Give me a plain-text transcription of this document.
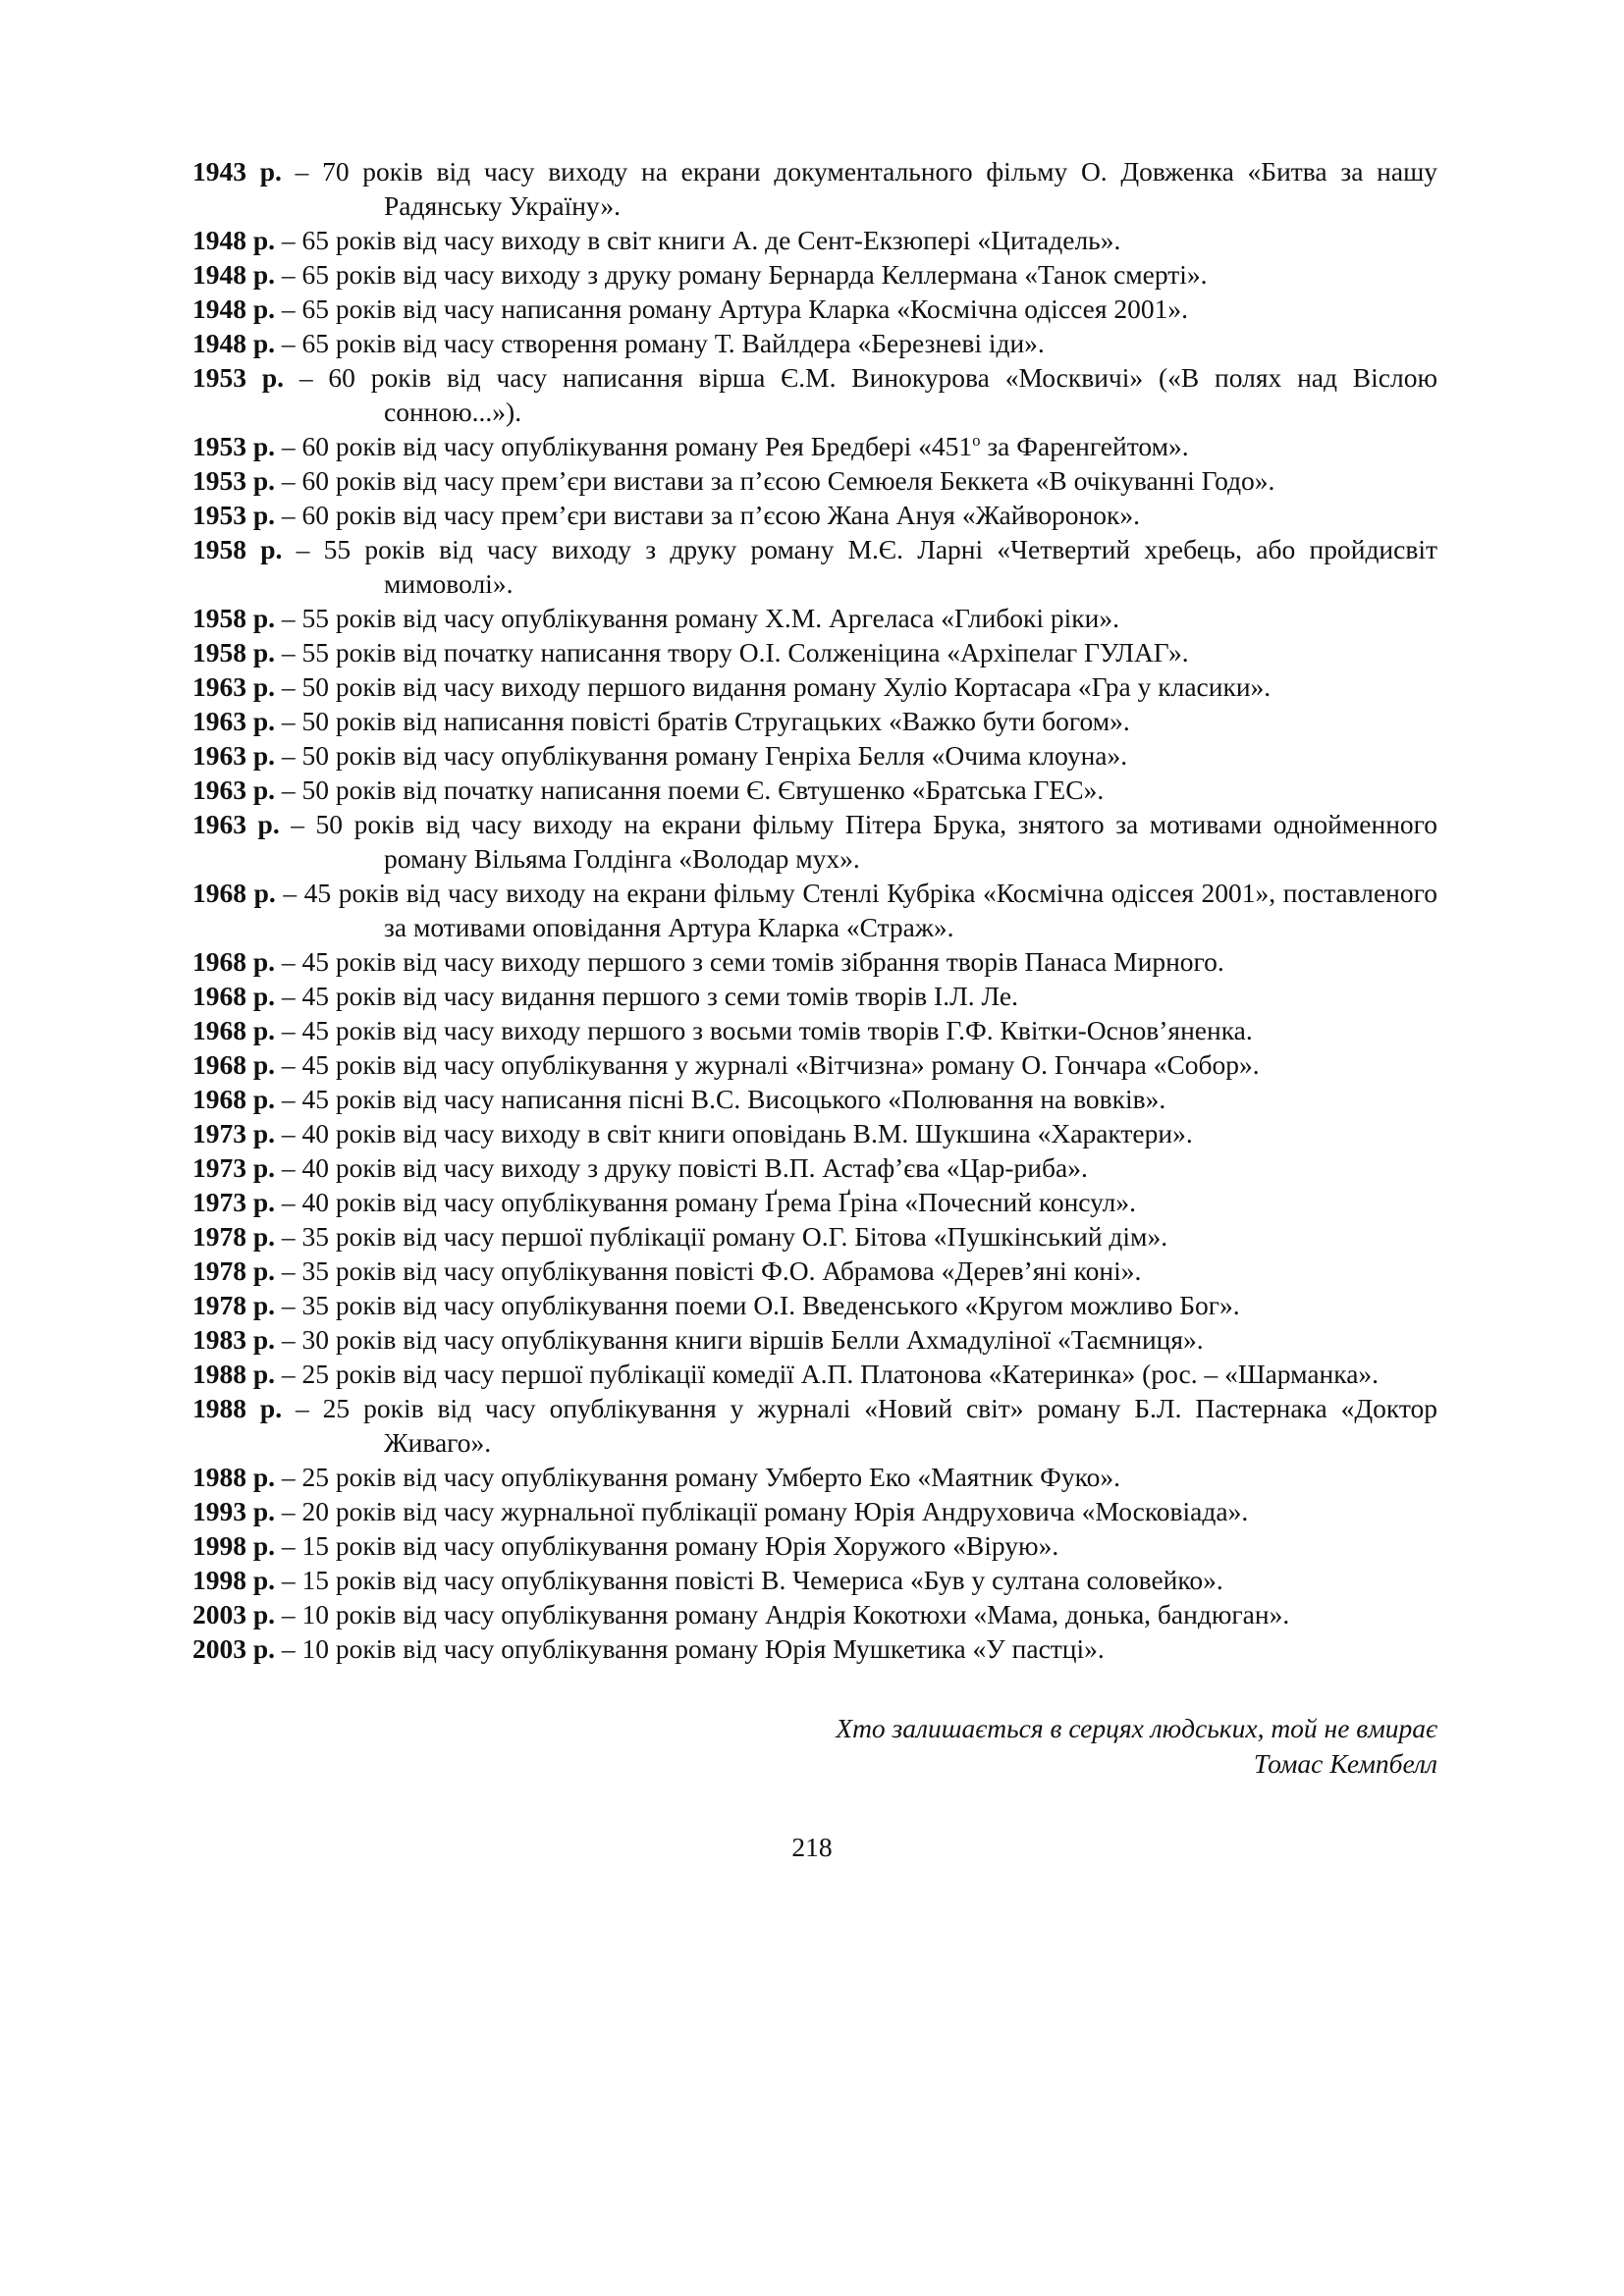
1943 р. – 70 років від часу виходу на екрани документального фільму О. Довженка «Битва за нашу Радянську Україну».
1948 р. – 65 років від часу виходу в світ книги А. де Сент-Екзюпері «Цитадель».
1948 р. – 65 років від часу виходу з друку роману Бернарда Келлермана «Танок смерті».
1948 р. – 65 років від часу написання роману Артура Кларка «Космічна одіссея 2001».
1948 р. – 65 років від часу створення роману Т. Вайлдера «Березневі іди».
1953 р. – 60 років від часу написання вірша Є.М. Винокурова «Москвичі» («В полях над Віслою сонною...»).
1953 р. – 60 років від часу опублікування роману Рея Бредбері «$451^о$ за Фаренгейтом».
1953 р. – 60 років від часу прем’єри вистави за п’єсою Семюеля Беккета «В очікуванні Годо».
1953 р. – 60 років від часу прем’єри вистави за п’єсою Жана Ануя «Жайворонок».
1958 р. – 55 років від часу виходу з друку роману М.Є. Ларні «Четвертий хребець, або пройдисвіт мимоволі».
1958 р. – 55 років від часу опублікування роману Х.М. Аргеласа «Глибокі ріки».
1958 р. – 55 років від початку написання твору О.І. Солженіцина «Архіпелаг ГУЛАГ».
1963 р. – 50 років від часу виходу першого видання роману Хуліо Кортасара «Гра у класики».
1963 р. – 50 років від написання повісті братів Стругацьких «Важко бути богом».
1963 р. – 50 років від часу опублікування роману Генріха Белля «Очима клоуна».
1963 р. – 50 років від початку написання поеми Є. Євтушенко «Братська ГЕС».
1963 р. – 50 років від часу виходу на екрани фільму Пітера Брука, знятого за мотивами однойменного роману Вільяма Голдінга «Володар мух».
1968 р. – 45 років від часу виходу на екрани фільму Стенлі Кубріка «Космічна одіссея 2001», поставленого за мотивами оповідання Артура Кларка «Страж».
1968 р. – 45 років від часу виходу першого з семи томів зібрання творів Панаса Мирного.
1968 р. – 45 років від часу видання першого з семи томів творів І.Л. Ле.
1968 р. – 45 років від часу виходу першого з восьми томів творів Г.Ф. Квітки-Основ’яненка.
1968 р. – 45 років від часу опублікування у журналі «Вітчизна» роману О. Гончара «Собор».
1968 р. – 45 років від часу написання пісні В.С. Висоцького «Полювання на вовків».
1973 р. – 40 років від часу виходу в світ книги оповідань В.М. Шукшина «Характери».
1973 р. – 40 років від часу виходу з друку повісті В.П. Астаф’єва «Цар-риба».
1973 р. – 40 років від часу опублікування роману Ґрема Ґріна «Почесний консул».
1978 р. – 35 років від часу першої публікації роману О.Г. Бітова «Пушкінський дім».
1978 р. – 35 років від часу опублікування повісті Ф.О. Абрамова «Дерев’яні коні».
1978 р. – 35 років від часу опублікування поеми О.І. Введенського «Кругом можливо Бог».
1983 р. – 30 років від часу опублікування книги віршів Белли Ахмадуліної «Таємниця».
1988 р. – 25 років від часу першої публікації комедії А.П. Платонова «Катеринка» (рос. – «Шарманка».
1988 р. – 25 років від часу опублікування у журналі «Новий світ» роману Б.Л. Пастернака «Доктор Живаго».
1988 р. – 25 років від часу опублікування роману Умберто Еко «Маятник Фуко».
1993 р. – 20 років від часу журнальної публікації роману Юрія Андруховича «Московіада».
1998 р. – 15 років від часу опублікування роману Юрія Хоружого «Вірую».
1998 р. – 15 років від часу опублікування повісті В. Чемериса «Був у султана соловейко».
2003 р. – 10 років від часу опублікування роману Андрія Кокотюхи «Мама, донька, бандюган».
2003 р. – 10 років від часу опублікування роману Юрія Мушкетика «У пастці».
Хто залишається в серцях людських, той не вмирає
Томас Кемпбелл
218
